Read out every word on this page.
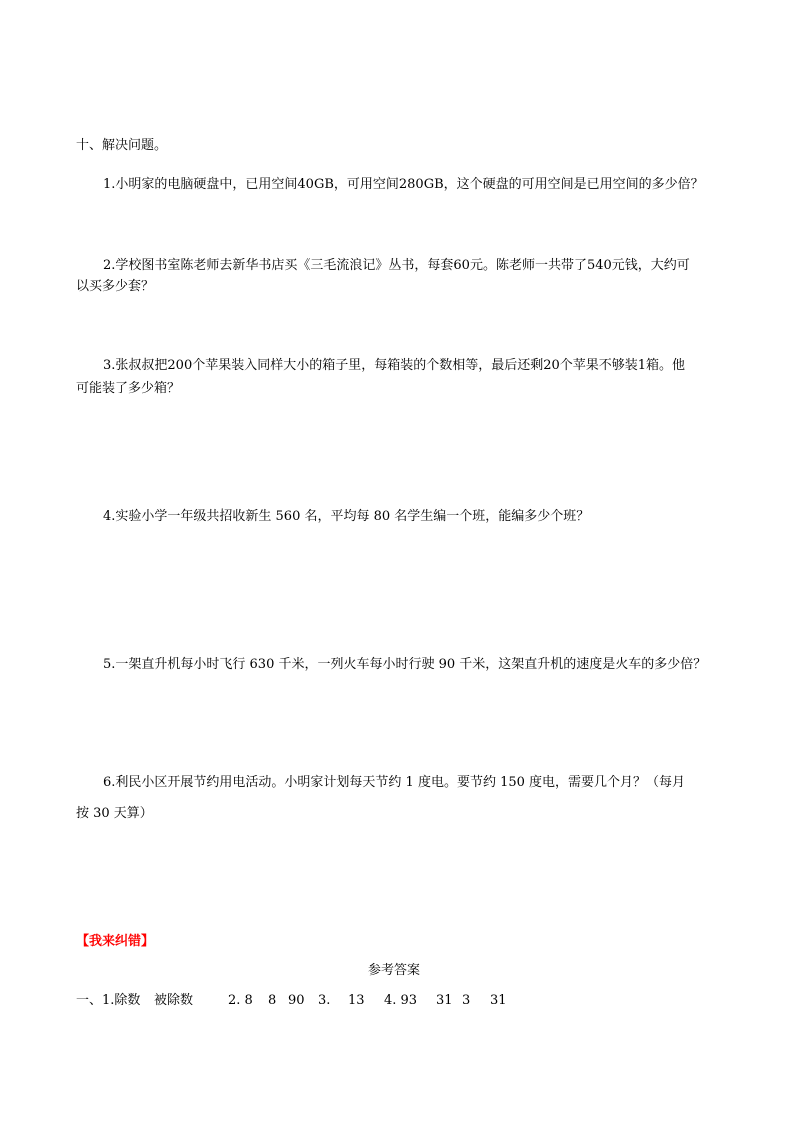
十、解决问题。
1.小明家的电脑硬盘中，已用空间40GB，可用空间280GB，这个硬盘的可用空间是已用空间的多少倍？
2.学校图书室陈老师去新华书店买《三毛流浪记》丛书，每套60元。陈老师一共带了540元钱，大约可
以买多少套？
3.张叔叔把200个苹果装入同样大小的箱子里，每箱装的个数相等，最后还剩20个苹果不够装1箱。他
可能装了多少箱？
4.实验小学一年级共招收新生 560 名，平均每 80 名学生编一个班，能编多少个班？
5.一架直升机每小时飞行 630 千米，一列火车每小时行驶 90 千米，这架直升机的速度是火车的多少倍？
6.利民小区开展节约用电活动。小明家计划每天节约 1 度电。要节约 150 度电，需要几个月？（每月
按 30 天算）
【我来纠错】
参考答案
一、1.除数 被除数	2. 8 8 90 3. 13 4. 93 31 3 31
